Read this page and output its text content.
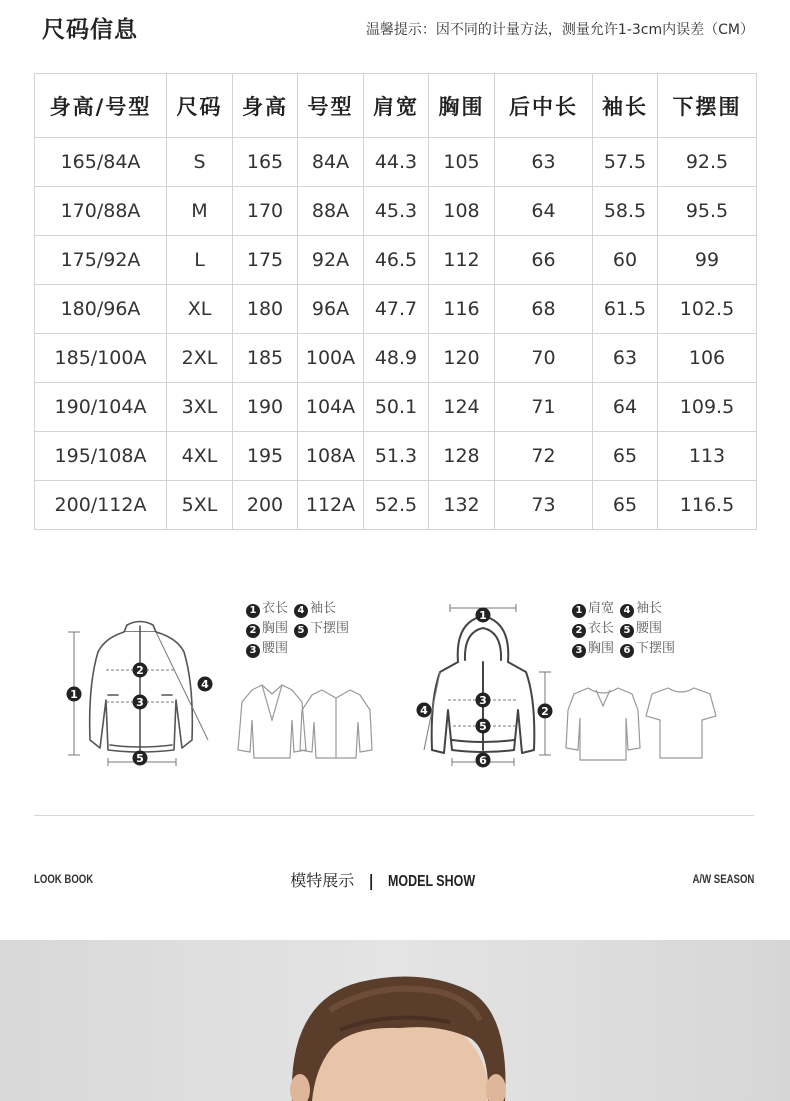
尺码信息	温馨提示：因不同的计量方法，测量允许1-3cm内误差（CM）
身高/号型	尺码	身高	号型	肩宽	胸围	后中长	袖长	下摆围
165/84A	S	165	84A	44.3	105	63	57.5	92.5
170/88A	M	170	88A	45.3	108	64	58.5	95.5
175/92A	L	175	92A	46.5	112	66	60	99
180/96A	XL	180	96A	47.7	116	68	61.5	102.5
185/100A	2XL	185	100A	48.9	120	70	63	106
190/104A	3XL	190	104A	50.1	124	71	64	109.5
195/108A	4XL	195	108A	51.3	128	72	65	113
200/112A	5XL	200	112A	52.5	132	73	65	116.5
1
2
3
4
5
1
2
3
4
5
6
1 衣长 4 袖长
2 胸围 5 下摆围
3 腰围
1 肩宽 4 袖长
2 衣长 5 腰围
3 胸围 6 下摆围
LOOK BOOK	模特展示 | MODEL SHOW	A/W SEASON
